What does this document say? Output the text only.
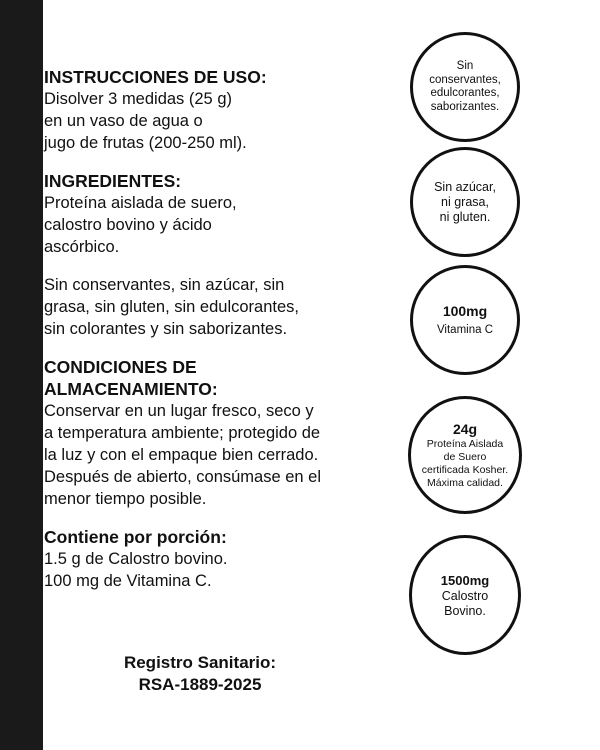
INSTRUCCIONES DE USO:

Disolver 3 medidas (25 g)
en un vaso de agua o
jugo de frutas (200-250 ml).

INGREDIENTES:

Proteína aislada de suero,
calostro bovino y ácido
ascórbico.

Sin conservantes, sin azúcar, sin
grasa, sin gluten, sin edulcorantes,
sin colorantes y sin saborizantes.

CONDICIONES DE

ALMACENAMIENTO:

Conservar en un lugar fresco, seco y
a temperatura ambiente; protegido de
la luz y con el empaque bien cerrado.
Después de abierto, consúmase en el
menor tiempo posible.

Contiene por porción:

1.5 g de Calostro bovino.
100 mg de Vitamina C.

Registro Sanitario:
RSA-1889-2025
Sin
conservantes,
edulcorantes,
saborizantes.
Sin azúcar,
ni grasa,
ni gluten.
100mg
Vitamina C
24g
Proteína Aislada
de Suero
certificada Kosher.
Máxima calidad.
1500mg
Calostro
Bovino.
